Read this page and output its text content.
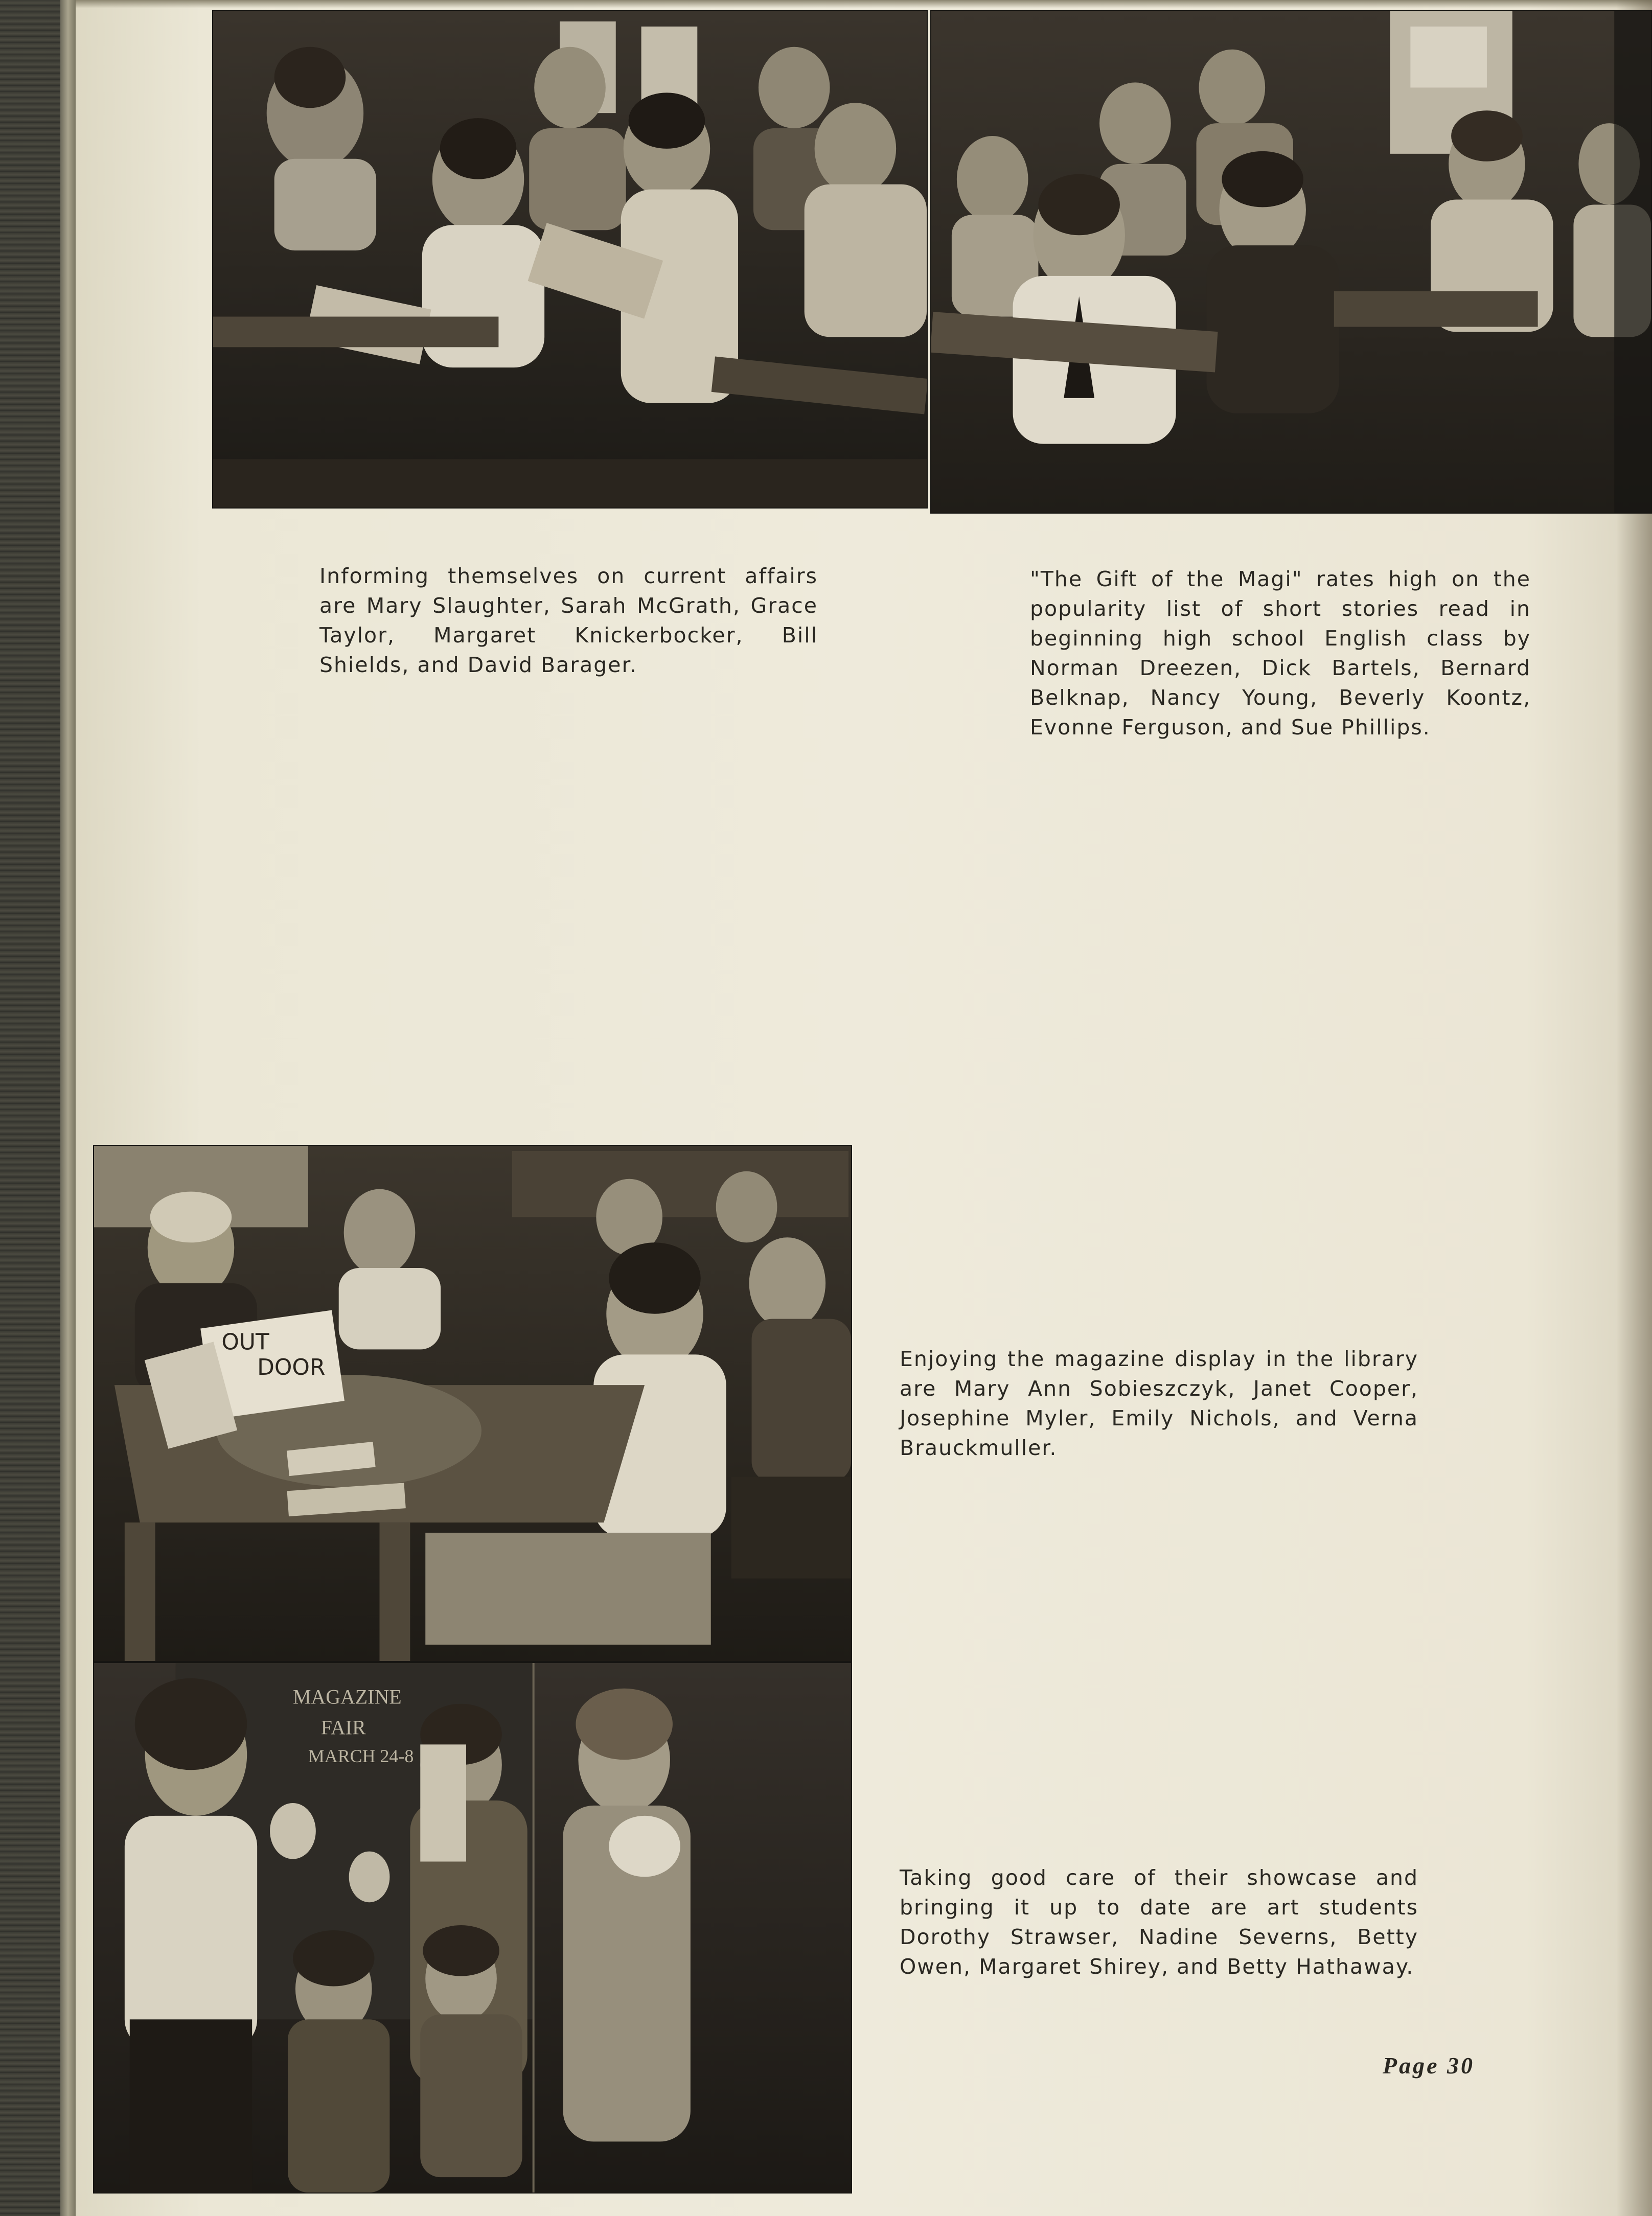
Informing themselves on current affairs are Mary Slaughter, Sarah McGrath, Grace Taylor, Margaret Knickerbocker, Bill Shields, and David Barager.
"The Gift of the Magi" rates high on the popularity list of short stories read in beginning high school English class by Norman Dreezen, Dick Bartels, Bernard Belknap, Nancy Young, Beverly Koontz, Evonne Ferguson, and Sue Phillips.
OUT
DOOR	Enjoying the magazine display in the library are Mary Ann Sobieszczyk, Janet Cooper, Josephine Myler, Emily Nichols, and Verna Brauckmuller.
MAGAZINE
FAIR
MARCH 24-8
Taking good care of their showcase and bringing it up to date are art students Dorothy Strawser, Nadine Severns, Betty Owen, Margaret Shirey, and Betty Hathaway.
Page 30
